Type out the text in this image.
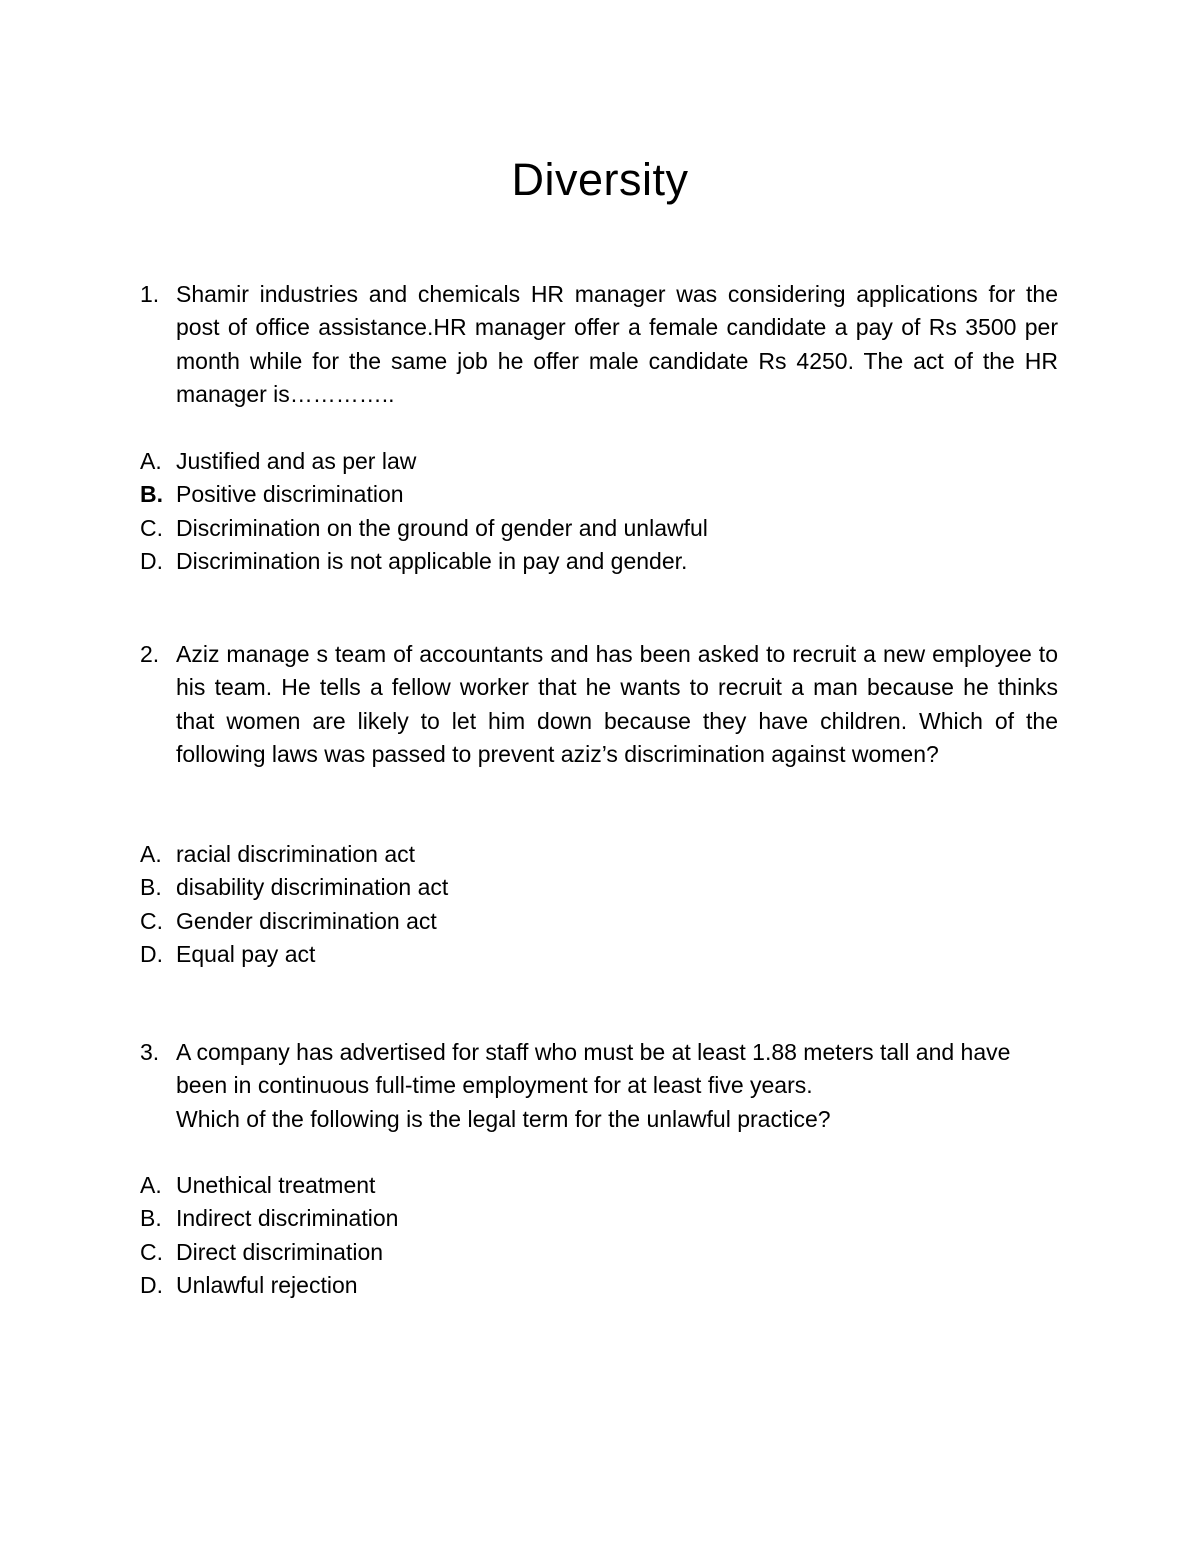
Diversity
1. Shamir industries and chemicals HR manager was considering applications for the post of office assistance.HR manager offer a female candidate a pay of Rs 3500 per month while for the same job he offer male candidate Rs 4250. The act of the HR manager is…………..
A. Justified and as per law
B. Positive discrimination
C. Discrimination on the ground of gender and unlawful
D. Discrimination is not applicable in pay and gender.
2. Aziz manage s team of accountants and has been asked to recruit a new employee to his team. He tells a fellow worker that he wants to recruit a man because he thinks that women are likely to let him down because they have children. Which of the following laws was passed to prevent aziz’s discrimination against women?
A. racial discrimination act
B. disability discrimination act
C. Gender discrimination act
D. Equal pay act
3. A company has advertised for staff who must be at least 1.88 meters tall and have been in continuous full-time employment for at least five years.
Which of the following is the legal term for the unlawful practice?
A. Unethical treatment
B. Indirect discrimination
C. Direct discrimination
D. Unlawful rejection
